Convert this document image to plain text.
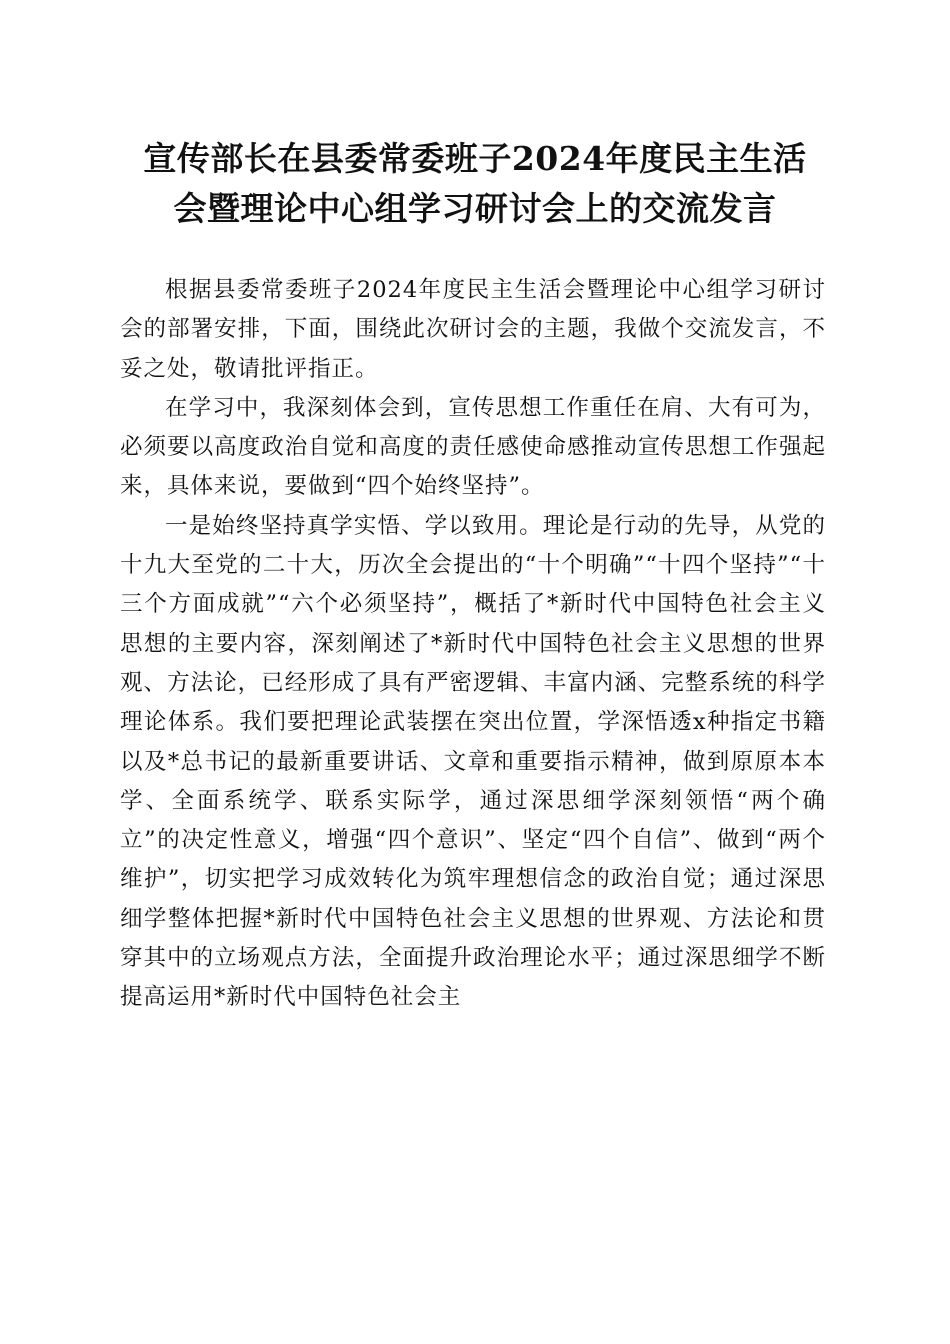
宣传部长在县委常委班子2024年度民主生活
会暨理论中心组学习研讨会上的交流发言

根据县委常委班子2024年度民主生活会暨理论中心组学习研讨会的部署安排，下面，围绕此次研讨会的主题，我做个交流发言，不妥之处，敬请批评指正。

在学习中，我深刻体会到，宣传思想工作重任在肩、大有可为，必须要以高度政治自觉和高度的责任感使命感推动宣传思想工作强起来，具体来说，要做到“四个始终坚持”。

一是始终坚持真学实悟、学以致用。理论是行动的先导，从党的十九大至党的二十大，历次全会提出的“十个明确”“十四个坚持”“十三个方面成就”“六个必须坚持”，概括了*新时代中国特色社会主义思想的主要内容，深刻阐述了*新时代中国特色社会主义思想的世界观、方法论，已经形成了具有严密逻辑、丰富内涵、完整系统的科学理论体系。我们要把理论武装摆在突出位置，学深悟透x种指定书籍以及*总书记的最新重要讲话、文章和重要指示精神，做到原原本本学、全面系统学、联系实际学，通过深思细学深刻领悟“两个确立”的决定性意义，增强“四个意识”、坚定“四个自信”、做到“两个维护”，切实把学习成效转化为筑牢理想信念的政治自觉；通过深思细学整体把握*新时代中国特色社会主义思想的世界观、方法论和贯穿其中的立场观点方法，全面提升政治理论水平；通过深思细学不断提高运用*新时代中国特色社会主
